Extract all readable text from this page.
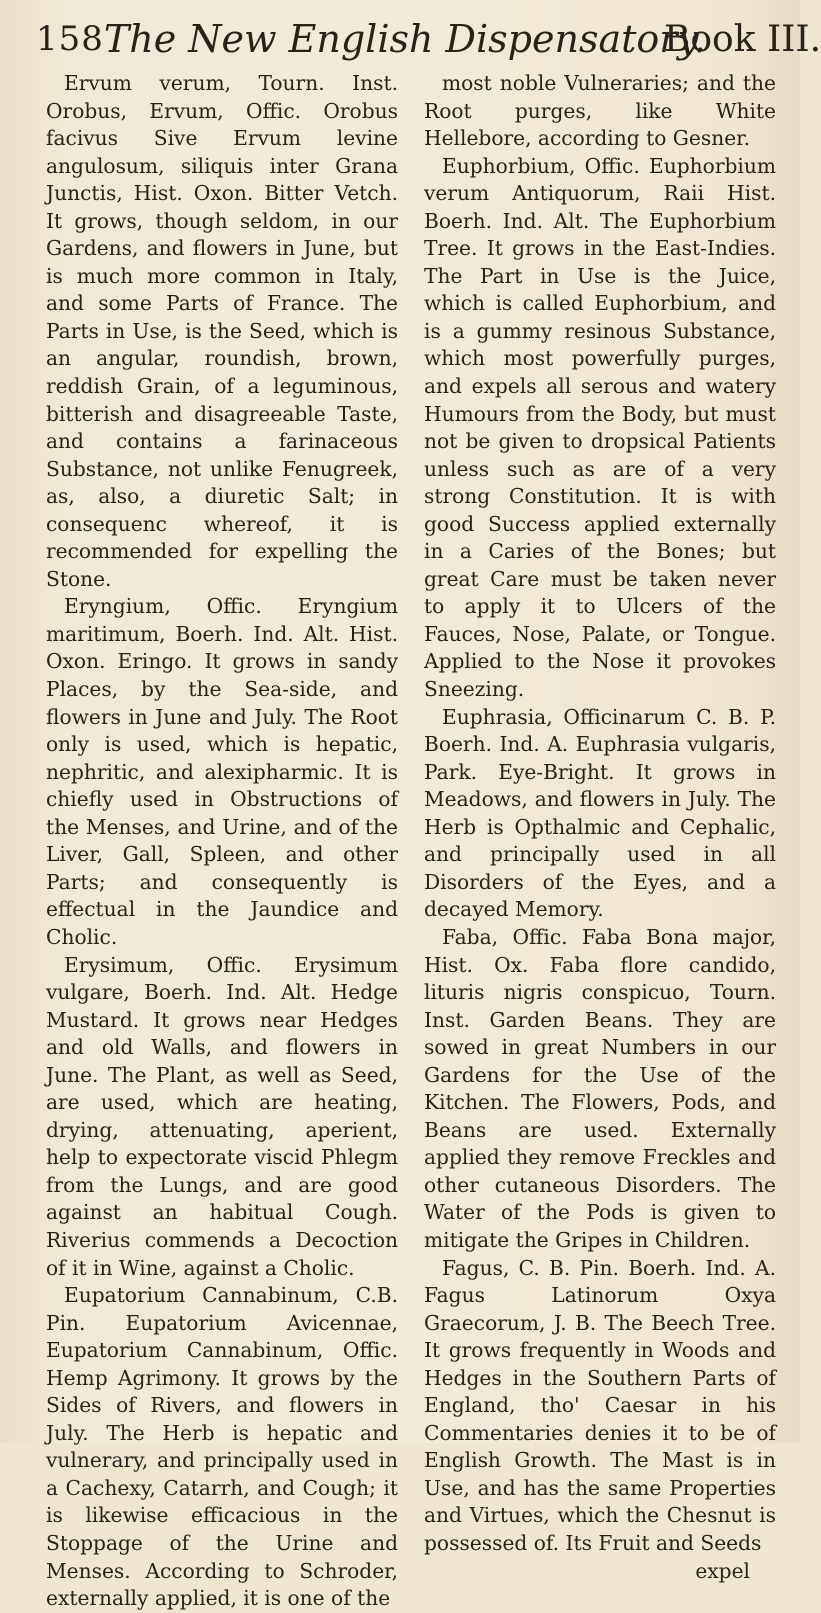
158 The New English Dispensatory.
Book III.

Ervum verum, Tourn. Inst. Orobus, Ervum, Offic. Orobus facivus Sive Ervum levine angulosum, siliquis inter Grana Junctis, Hist. Oxon. Bitter Vetch. It grows, though seldom, in our Gardens, and flowers in June, but is much more common in Italy, and some Parts of France. The Parts in Use, is the Seed, which is an angular, roundish, brown, reddish Grain, of a leguminous, bitterish and disagreeable Taste, and contains a farinaceous Substance, not unlike Fenugreek, as, also, a diuretic Salt; in consequenc whereof, it is recommended for expelling the Stone.

Eryngium, Offic. Eryngium maritimum, Boerh. Ind. Alt. Hist. Oxon. Eringo. It grows in sandy Places, by the Sea-side, and flowers in June and July. The Root only is used, which is hepatic, nephritic, and alexipharmic. It is chiefly used in Obstructions of the Menses, and Urine, and of the Liver, Gall, Spleen, and other Parts; and consequently is effectual in the Jaundice and Cholic.

Erysimum, Offic. Erysimum vulgare, Boerh. Ind. Alt. Hedge Mustard. It grows near Hedges and old Walls, and flowers in June. The Plant, as well as Seed, are used, which are heating, drying, attenuating, aperient, help to expectorate viscid Phlegm from the Lungs, and are good against an habitual Cough. Riverius commends a Decoction of it in Wine, against a Cholic.

Eupatorium Cannabinum, C.B. Pin. Eupatorium Avicennae, Eupatorium Cannabinum, Offic. Hemp Agrimony. It grows by the Sides of Rivers, and flowers in July. The Herb is hepatic and vulnerary, and principally used in a Cachexy, Catarrh, and Cough; it is likewise efficacious in the Stoppage of the Urine and Menses. According to Schroder, externally applied, it is one of the

most noble Vulneraries; and the Root purges, like White Hellebore, according to Gesner.

Euphorbium, Offic. Euphorbium verum Antiquorum, Raii Hist. Boerh. Ind. Alt. The Euphorbium Tree. It grows in the East-Indies. The Part in Use is the Juice, which is called Euphorbium, and is a gummy resinous Substance, which most powerfully purges, and expels all serous and watery Humours from the Body, but must not be given to dropsical Patients unless such as are of a very strong Constitution. It is with good Success applied externally in a Caries of the Bones; but great Care must be taken never to apply it to Ulcers of the Fauces, Nose, Palate, or Tongue. Applied to the Nose it provokes Sneezing.

Euphrasia, Officinarum C. B. P. Boerh. Ind. A. Euphrasia vulgaris, Park. Eye-Bright. It grows in Meadows, and flowers in July. The Herb is Opthalmic and Cephalic, and principally used in all Disorders of the Eyes, and a decayed Memory.

Faba, Offic. Faba Bona major, Hist. Ox. Faba flore candido, lituris nigris conspicuo, Tourn. Inst. Garden Beans. They are sowed in great Numbers in our Gardens for the Use of the Kitchen. The Flowers, Pods, and Beans are used. Externally applied they remove Freckles and other cutaneous Disorders. The Water of the Pods is given to mitigate the Gripes in Children.

Fagus, C. B. Pin. Boerh. Ind. A. Fagus Latinorum Oxya Graecorum, J. B. The Beech Tree. It grows frequently in Woods and Hedges in the Southern Parts of England, tho' Caesar in his Commentaries denies it to be of English Growth. The Mast is in Use, and has the same Properties and Virtues, which the Chesnut is possessed of. Its Fruit and Seeds

expel
